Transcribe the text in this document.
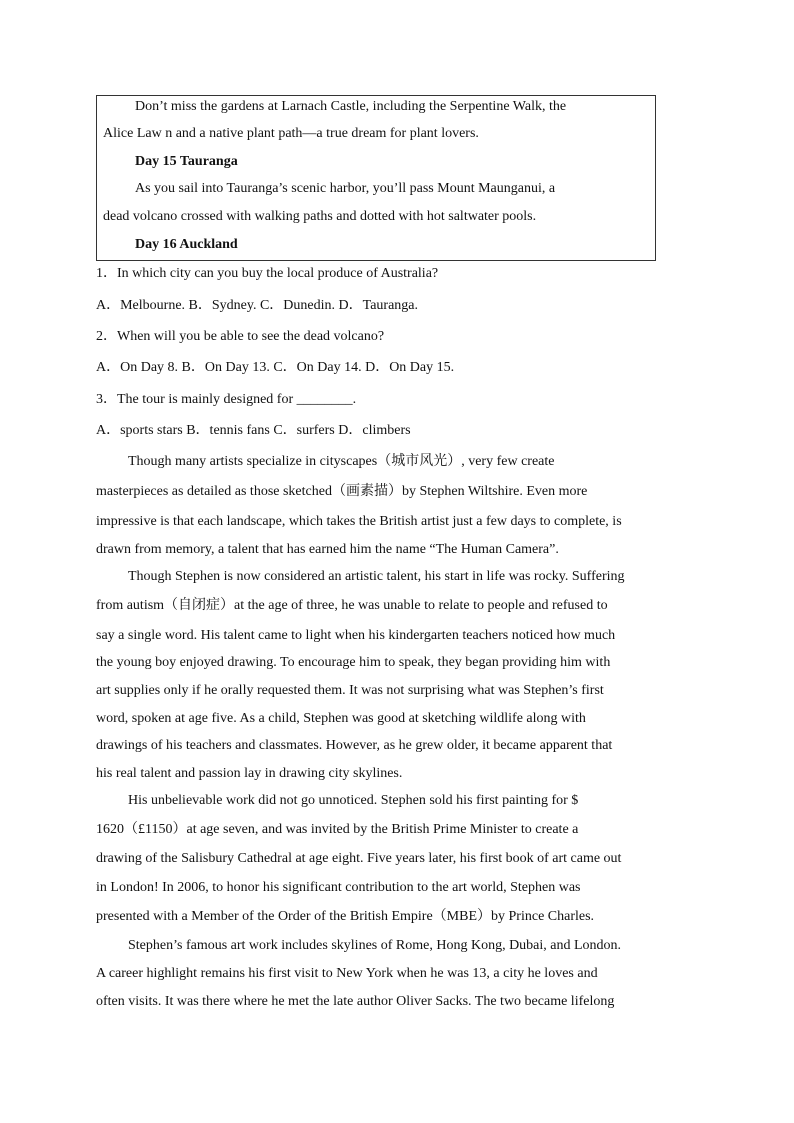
Don’t miss the gardens at Larnach Castle, including the Serpentine Walk, the
Alice Law n and a native plant path—a true dream for plant lovers.
Day 15 Tauranga
As you sail into Tauranga’s scenic harbor, you’ll pass Mount Maunganui, a
dead volcano crossed with walking paths and dotted with hot saltwater pools.
Day 16 Auckland
1．In which city can you buy the local produce of Australia?
A．Melbourne. B．Sydney. C．Dunedin. D．Tauranga.
2．When will you be able to see the dead volcano?
A．On Day 8. B．On Day 13. C．On Day 14. D．On Day 15.
3．The tour is mainly designed for ________.
A．sports stars B．tennis fans C．surfers D．climbers
Though many artists specialize in cityscapes（城市风光）, very few create
masterpieces as detailed as those sketched（画素描）by Stephen Wiltshire. Even more
impressive is that each landscape, which takes the British artist just a few days to complete, is
drawn from memory, a talent that has earned him the name “The Human Camera”.
Though Stephen is now considered an artistic talent, his start in life was rocky. Suffering
from autism（自闭症）at the age of three, he was unable to relate to people and refused to
say a single word. His talent came to light when his kindergarten teachers noticed how much
the young boy enjoyed drawing. To encourage him to speak, they began providing him with
art supplies only if he orally requested them. It was not surprising what was Stephen’s first
word, spoken at age five. As a child, Stephen was good at sketching wildlife along with
drawings of his teachers and classmates. However, as he grew older, it became apparent that
his real talent and passion lay in drawing city skylines.
His unbelievable work did not go unnoticed. Stephen sold his first painting for $
1620（£1150）at age seven, and was invited by the British Prime Minister to create a
drawing of the Salisbury Cathedral at age eight. Five years later, his first book of art came out
in London! In 2006, to honor his significant contribution to the art world, Stephen was
presented with a Member of the Order of the British Empire（MBE）by Prince Charles.
Stephen’s famous art work includes skylines of Rome, Hong Kong, Dubai, and London.
A career highlight remains his first visit to New York when he was 13, a city he loves and
often visits. It was there where he met the late author Oliver Sacks. The two became lifelong
